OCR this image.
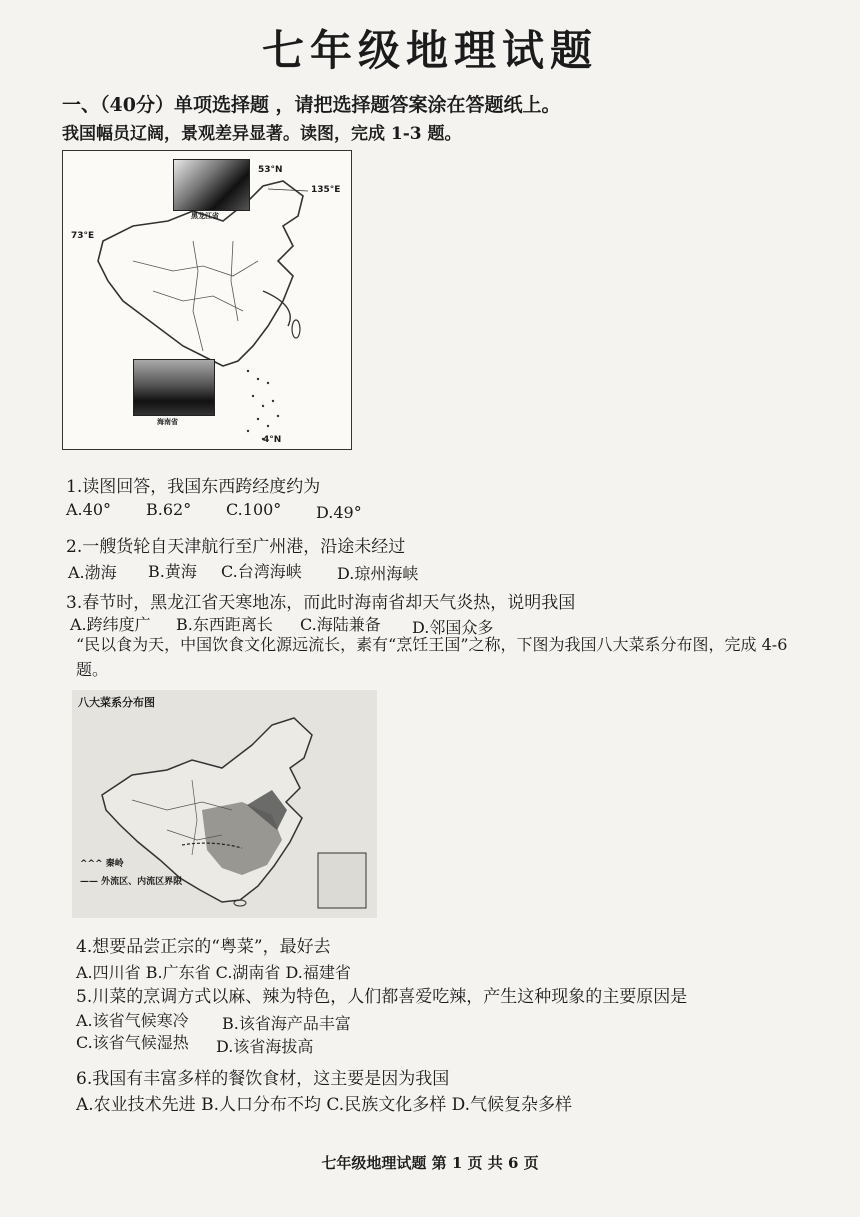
七年级地理试题
一、（40分）单项选择题 ，请把选择题答案涂在答题纸上。
我国幅员辽阔，景观差异显著。读图，完成 1-3 题。
黑龙江省
海南省
53°N
135°E
73°E
4°N
1.读图回答，我国东西跨经度约为
A.40° B.62° C.100° D.49°
2.一艘货轮自天津航行至广州港，沿途未经过
A.渤海 B.黄海 C.台湾海峡 D.琼州海峡
3.春节时，黑龙江省天寒地冻，而此时海南省却天气炎热，说明我国
A.跨纬度广 B.东西距离长 C.海陆兼备 D.邻国众多
“民以食为天，中国饮食文化源远流长，素有“烹饪王国”之称，下图为我国八大菜系分布图，完成 4-6 题。
八大菜系分布图
^^^ 秦岭
—— 外流区、内流区界限
4.想要品尝正宗的“粤菜”，最好去
A.四川省 B.广东省 C.湖南省 D.福建省
5.川菜的烹调方式以麻、辣为特色，人们都喜爱吃辣，产生这种现象的主要原因是
A.该省气候寒冷 B.该省海产品丰富
C.该省气候湿热 D.该省海拔高
6.我国有丰富多样的餐饮食材，这主要是因为我国
A.农业技术先进 B.人口分布不均 C.民族文化多样 D.气候复杂多样
七年级地理试题 第 1 页 共 6 页
